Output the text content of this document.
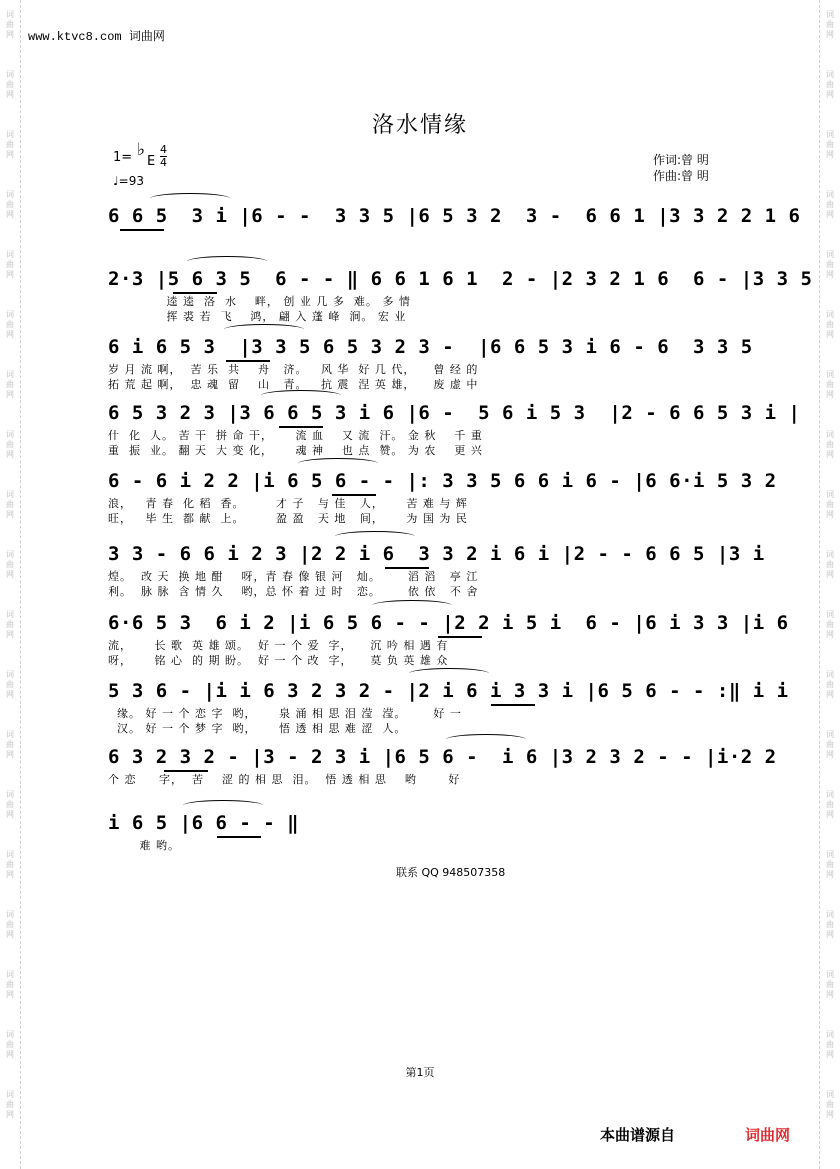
词曲网
词曲网
词曲网
词曲网
词曲网
词曲网
词曲网
词曲网
词曲网
词曲网
词曲网
词曲网
词曲网
词曲网
词曲网
词曲网
词曲网
词曲网
词曲网
词曲网
词曲网
词曲网
词曲网
词曲网
词曲网
词曲网
词曲网
词曲网
词曲网
词曲网
词曲网
词曲网
词曲网
词曲网
词曲网
词曲网
词曲网
词曲网
www.ktvc8.com 词曲网
洛水情缘
1= ♭
E
4
4
♩=93
作词:曾 明
作曲:曾 明
6 6 5  3 i |6 - -  3 3 5 |6 5 3 2  3 -  6 6 1 |3 3 2 2 1 6
2·3 |5 6 3 5  6 - - ‖ 6 6 1 6 1  2 - |2 3 2 1 6  6 - |3 3 5
逵 逵  洛  水    畔， 创 业 几 多  难。 多 情
挥 裘 若  飞    鸿， 翩 入 蓬 峰  涧。 宏 业
6 i 6 5 3  |3 3 5 6 5 3 2 3 -  |6 6 5 3 i 6 - 6  3 3 5
岁 月 流 啊，  苦 乐  共    舟   济。   风 华  好 几 代，    曾 经 的
拓 荒 起 啊，  忠 魂  留    山   青。   抗 震  涅 英 雄，    废 虚 中
6 5 3 2 3 |3 6 6 5 3 i 6 |6 -  5 6 i 5 3  |2 - 6 6 5 3 i |
什  化  人。 苦 干  拼 命 干，     流 血    又 流  汗。 金 秋    千 重
重  振  业。 翻 天  大 变 化，     魂 神    也 点  赞。 为 农    更 兴
6 - 6 i 2 2 |i 6 5 6 - - |: 3 3 5 6 6 i 6 - |6 6·i 5 3 2
浪，   青 春  化 稻  香。       才 子   与 佳   人，     苦 难 与 辉
旺，   毕 生  都 献  上。       盈 盈   天 地   间，     为 国 为 民
3 3 - 6 6 i 2 3 |2 2 i 6  3 3 2 i 6 i |2 - - 6 6 5 |3 i
煌。  改 天  换 地 酣    呀，青 春 像 银 河   灿。      滔 滔   亭 江
利。  脉 脉  含 情 久    哟，总 怀 着 过 时   恋。      依 依   不 舍
6·6 5 3  6 i 2 |i 6 5 6 - - |2 2 i 5 i  6 - |6 i 3 3 |i 6
流，     长 歌  英 雄 颂。  好 一 个 爱  字，    沉 吟 相 遇 有
呀，     铭 心  的 期 盼。  好 一 个 改  字，    莫 负 英 雄 众
5 3 6 - |i i 6 3 2 3 2 - |2 i 6 i 3 3 i |6 5 6 - - :‖ i i
缘。 好 一 个 恋 字  哟，     泉 涌 相 思 泪 滢  滢。      好 一
汉。 好 一 个 梦 字  哟，     悟 透 相 思 难 涩  人。
6 3 2 3 2 - |3 - 2 3 i |6 5 6 -  i 6 |3 2 3 2 - - |i·2 2
个 恋     字，  苦    涩 的 相 思  泪。  悟 透 相 思    哟       好
i 6 5 |6 6 - - ‖
难 哟。
联系 QQ 948507358
第1页
本曲谱源自	词曲网
